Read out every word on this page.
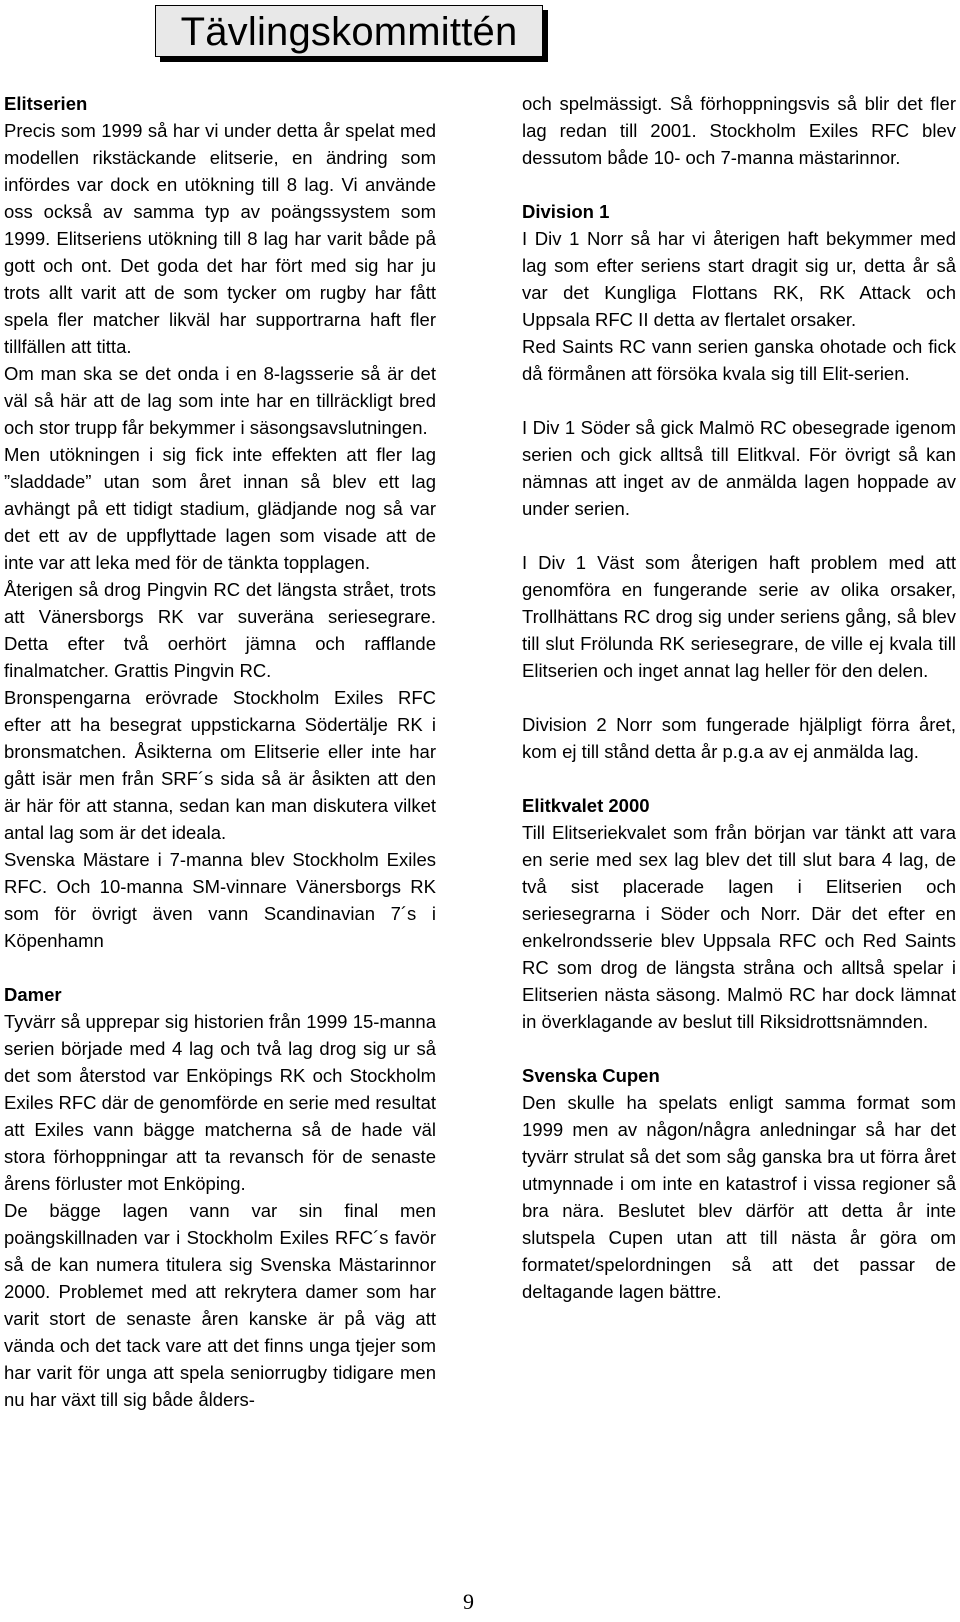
Tävlingskommittén
Elitserien

Precis som 1999 så har vi under detta år spelat med modellen rikstäckande elitserie, en ändring som infördes var dock en utökning till 8 lag. Vi använde oss också av samma typ av poängssystem som 1999. Elitseriens utökning till 8 lag har varit både på gott och ont. Det goda det har fört med sig har ju trots allt varit att de som tycker om rugby har fått spela fler matcher likväl har supportrarna haft fler tillfällen att titta.

Om man ska se det onda i en 8-lagsserie så är det väl så här att de lag som inte har en tillräckligt bred och stor trupp får bekymmer i säsongsavslutningen.

Men utökningen i sig fick inte effekten att fler lag ”sladdade” utan som året innan så blev ett lag avhängt på ett tidigt stadium, glädjande nog så var det ett av de uppflyttade lagen som visade att de inte var att leka med för de tänkta topplagen.

Återigen så drog Pingvin RC det längsta strået, trots att Vänersborgs RK var suveräna seriesegrare. Detta efter två oerhört jämna och rafflande finalmatcher. Grattis Pingvin RC.

Bronspengarna erövrade Stockholm Exiles RFC efter att ha besegrat uppstickarna Södertälje RK i bronsmatchen. Åsikterna om Elitserie eller inte har gått isär men från SRF´s sida så är åsikten att den är här för att stanna, sedan kan man diskutera vilket antal lag som är det ideala.

Svenska Mästare i 7-manna blev Stockholm Exiles RFC. Och 10-manna SM-vinnare Vänersborgs RK som för övrigt även vann Scandinavian 7´s i Köpenhamn

Damer

Tyvärr så upprepar sig historien från 1999 15-manna serien började med 4 lag och två lag drog sig ur så det som återstod var Enköpings RK och Stockholm Exiles RFC där de genomförde en serie med resultat att Exiles vann bägge matcherna så de hade väl stora förhoppningar att ta revansch för de senaste årens förluster mot Enköping.

De bägge lagen vann var sin final men poängskillnaden var i Stockholm Exiles RFC´s favör så de kan numera titulera sig Svenska Mästarinnor 2000. Problemet med att rekrytera damer som har varit stort de senaste åren kanske är på väg att vända och det tack vare att det finns unga tjejer som har varit för unga att spela seniorrugby tidigare men nu har växt till sig både ålders-

och spelmässigt. Så förhoppningsvis så blir det fler lag redan till 2001. Stockholm Exiles RFC blev dessutom både 10- och 7-manna mästarinnor.

Division 1

I Div 1 Norr så har vi återigen haft bekymmer med lag som efter seriens start dragit sig ur, detta år så var det Kungliga Flottans RK, RK Attack och Uppsala RFC II detta av flertalet orsaker.

Red Saints RC vann serien ganska ohotade och fick då förmånen att försöka kvala sig till Elit-serien.

I Div 1 Söder så gick Malmö RC obesegrade igenom serien och gick alltså till Elitkval. För övrigt så kan nämnas att inget av de anmälda lagen hoppade av under serien.

I Div 1 Väst som återigen haft problem med att genomföra en fungerande serie av olika orsaker, Trollhättans RC drog sig under seriens gång, så blev till slut Frölunda RK seriesegrare, de ville ej kvala till Elitserien och inget annat lag heller för den delen.

Division 2 Norr som fungerade hjälpligt förra året, kom ej till stånd detta år p.g.a av ej anmälda lag.

Elitkvalet 2000

Till Elitseriekvalet som från början var tänkt att vara en serie med sex lag blev det till slut bara 4 lag, de två sist placerade lagen i Elitserien och seriesegrarna i Söder och Norr. Där det efter en enkelrondsserie blev Uppsala RFC och Red Saints RC som drog de längsta stråna och alltså spelar i Elitserien nästa säsong. Malmö RC har dock lämnat in överklagande av beslut till Riksidrottsnämnden.

Svenska Cupen

Den skulle ha spelats enligt samma format som 1999 men av någon/några anledningar så har det tyvärr strulat så det som såg ganska bra ut förra året utmynnade i om inte en katastrof i vissa regioner så bra nära. Beslutet blev därför att detta år inte slutspela Cupen utan att till nästa år göra om formatet/spelordningen så att det passar de deltagande lagen bättre.

9
